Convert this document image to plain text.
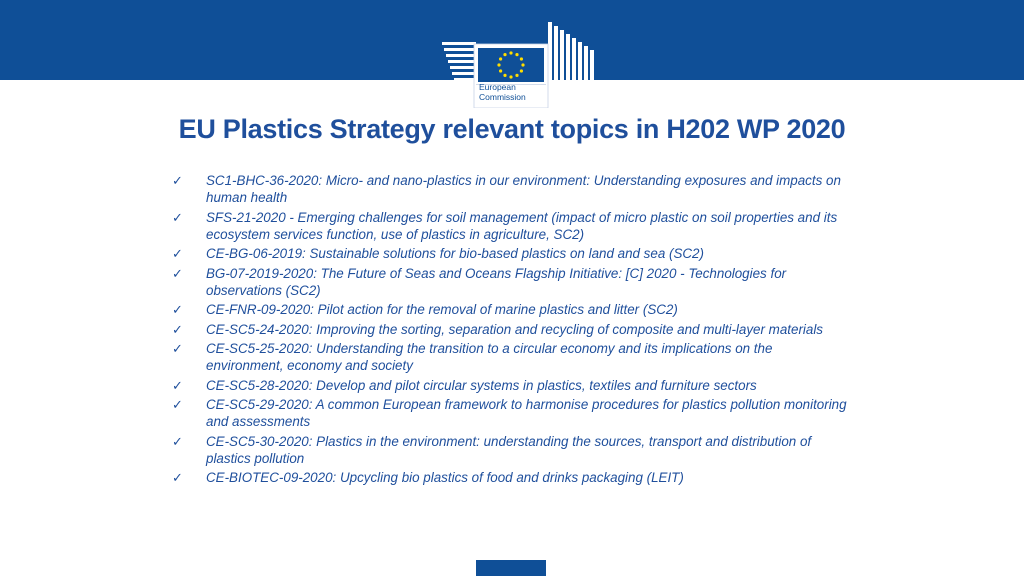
European
Commission
EU Plastics Strategy relevant topics in H202 WP 2020
✓ SC1-BHC-36-2020: Micro- and nano-plastics in our environment: Understanding exposures and impacts on human health
✓ SFS-21-2020 - Emerging challenges for soil management (impact of micro plastic on soil properties and its ecosystem services function, use of plastics in agriculture, SC2)
✓ CE-BG-06-2019: Sustainable solutions for bio-based plastics on land and sea (SC2)
✓ BG-07-2019-2020: The Future of Seas and Oceans Flagship Initiative: [C] 2020 - Technologies for observations (SC2)
✓ CE-FNR-09-2020: Pilot action for the removal of marine plastics and litter (SC2)
✓ CE-SC5-24-2020: Improving the sorting, separation and recycling of composite and multi-layer materials
✓ CE-SC5-25-2020: Understanding the transition to a circular economy and its implications on the environment, economy and society
✓ CE-SC5-28-2020: Develop and pilot circular systems in plastics, textiles and furniture sectors
✓ CE-SC5-29-2020: A common European framework to harmonise procedures for plastics pollution monitoring and assessments
✓ CE-SC5-30-2020: Plastics in the environment: understanding the sources, transport and distribution of plastics pollution
✓ CE-BIOTEC-09-2020: Upcycling bio plastics of food and drinks packaging (LEIT)
